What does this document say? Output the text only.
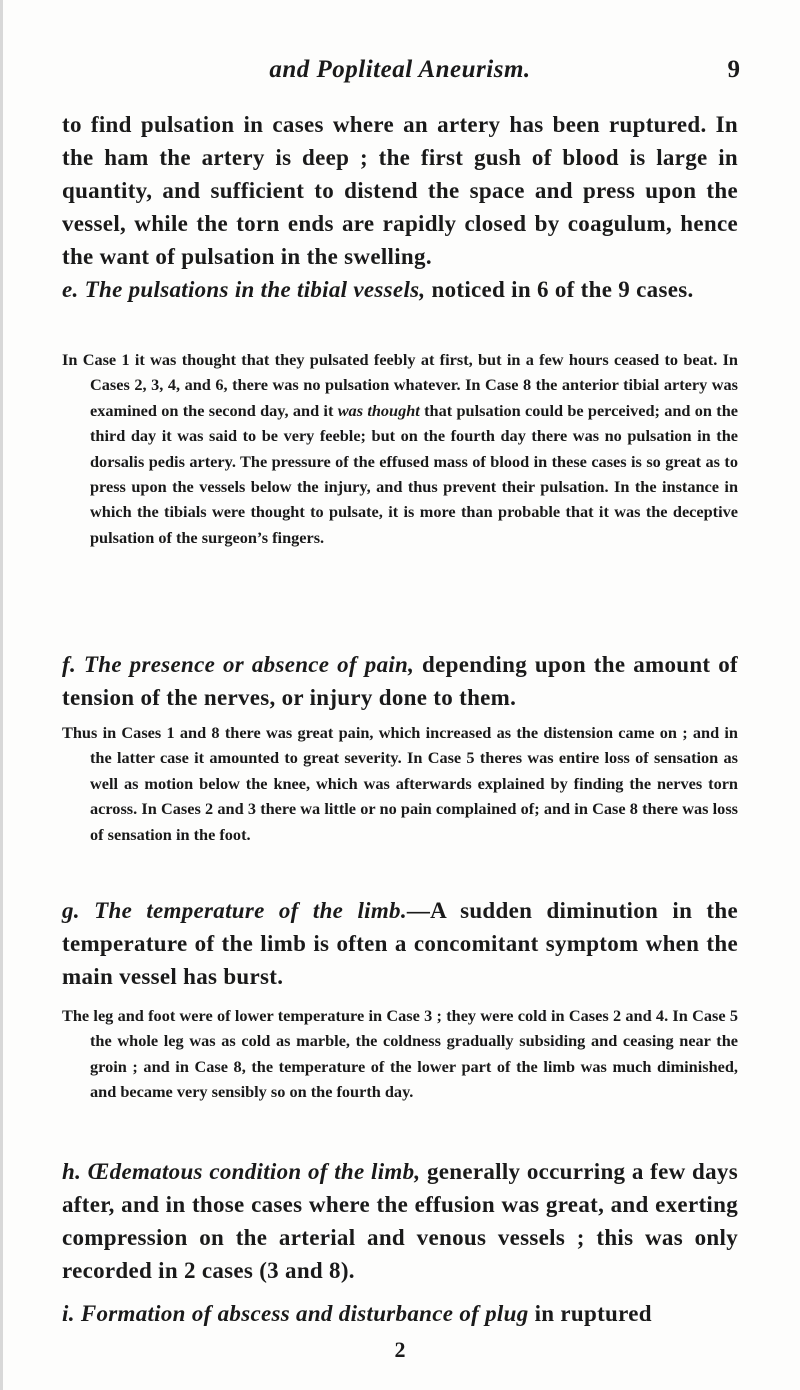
and Popliteal Aneurism.	9

to find pulsation in cases where an artery has been ruptured. In the ham the artery is deep ; the first gush of blood is large in quantity, and sufficient to distend the space and press upon the vessel, while the torn ends are rapidly closed by coagulum, hence the want of pulsation in the swelling.

e. The pulsations in the tibial vessels, noticed in 6 of the 9 cases.

In Case 1 it was thought that they pulsated feebly at first, but in a few hours ceased to beat. In Cases 2, 3, 4, and 6, there was no pulsation whatever. In Case 8 the anterior tibial artery was examined on the second day, and it was thought that pulsation could be perceived; and on the third day it was said to be very feeble; but on the fourth day there was no pulsation in the dorsalis pedis artery. The pressure of the effused mass of blood in these cases is so great as to press upon the vessels below the injury, and thus prevent their pulsation. In the instance in which the tibials were thought to pulsate, it is more than probable that it was the deceptive pulsation of the surgeon’s fingers.

f. The presence or absence of pain, depending upon the amount of tension of the nerves, or injury done to them.

Thus in Cases 1 and 8 there was great pain, which increased as the distension came on ; and in the latter case it amounted to great severity. In Case 5 theres was entire loss of sensation as well as motion below the knee, which was afterwards explained by finding the nerves torn across. In Cases 2 and 3 there wa little or no pain complained of; and in Case 8 there was loss of sensation in the foot.

g. The temperature of the limb.—A sudden diminution in the temperature of the limb is often a concomitant symptom when the main vessel has burst.

The leg and foot were of lower temperature in Case 3 ; they were cold in Cases 2 and 4. In Case 5 the whole leg was as cold as marble, the coldness gradually subsiding and ceasing near the groin ; and in Case 8, the temperature of the lower part of the limb was much diminished, and became very sensibly so on the fourth day.

h. Œdematous condition of the limb, generally occurring a few days after, and in those cases where the effusion was great, and exerting compression on the arterial and venous vessels ; this was only recorded in 2 cases (3 and 8).

i. Formation of abscess and disturbance of plug in ruptured

2
